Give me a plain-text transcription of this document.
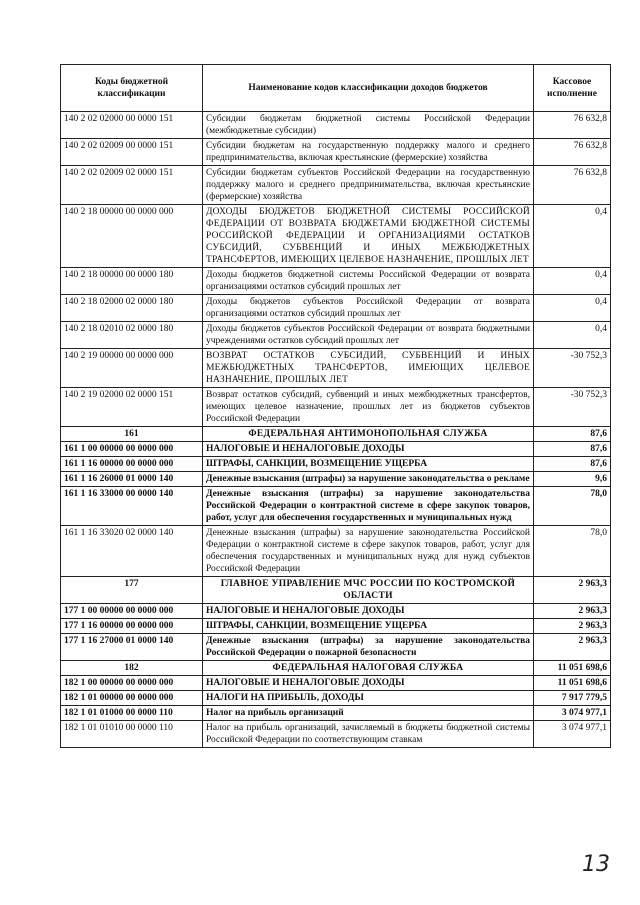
Коды бюджетной классификации	Наименование кодов классификации доходов бюджетов	Кассовое исполнение
140 2 02 02000 00 0000 151	Субсидии бюджетам бюджетной системы Российской Федерации (межбюджетные субсидии)	76 632,8
140 2 02 02009 00 0000 151	Субсидии бюджетам на государственную поддержку малого и среднего предпринимательства, включая крестьянские (фермерские) хозяйства	76 632,8
140 2 02 02009 02 0000 151	Субсидии бюджетам субъектов Российской Федерации на государственную поддержку малого и среднего предпринимательства, включая крестьянские (фермерские) хозяйства	76 632,8
140 2 18 00000 00 0000 000	ДОХОДЫ БЮДЖЕТОВ БЮДЖЕТНОЙ СИСТЕМЫ РОССИЙСКОЙ ФЕДЕРАЦИИ ОТ ВОЗВРАТА БЮДЖЕТАМИ БЮДЖЕТНОЙ СИСТЕМЫ РОССИЙСКОЙ ФЕДЕРАЦИИ И ОРГАНИЗАЦИЯМИ ОСТАТКОВ СУБСИДИЙ, СУБВЕНЦИЙ И ИНЫХ МЕЖБЮДЖЕТНЫХ ТРАНСФЕРТОВ, ИМЕЮЩИХ ЦЕЛЕВОЕ НАЗНАЧЕНИЕ, ПРОШЛЫХ ЛЕТ	0,4
140 2 18 00000 00 0000 180	Доходы бюджетов бюджетной системы Российской Федерации от возврата организациями остатков субсидий прошлых лет	0,4
140 2 18 02000 02 0000 180	Доходы бюджетов субъектов Российской Федерации от возврата организациями остатков субсидий прошлых лет	0,4
140 2 18 02010 02 0000 180	Доходы бюджетов субъектов Российской Федерации от возврата бюджетными учреждениями остатков субсидий прошлых лет	0,4
140 2 19 00000 00 0000 000	ВОЗВРАТ ОСТАТКОВ СУБСИДИЙ, СУБВЕНЦИЙ И ИНЫХ МЕЖБЮДЖЕТНЫХ ТРАНСФЕРТОВ, ИМЕЮЩИХ ЦЕЛЕВОЕ НАЗНАЧЕНИЕ, ПРОШЛЫХ ЛЕТ	-30 752,3
140 2 19 02000 02 0000 151	Возврат остатков субсидий, субвенций и иных межбюджетных трансфертов, имеющих целевое назначение, прошлых лет из бюджетов субъектов Российской Федерации	-30 752,3
161	ФЕДЕРАЛЬНАЯ АНТИМОНОПОЛЬНАЯ СЛУЖБА	87,6
161 1 00 00000 00 0000 000	НАЛОГОВЫЕ И НЕНАЛОГОВЫЕ ДОХОДЫ	87,6
161 1 16 00000 00 0000 000	ШТРАФЫ, САНКЦИИ, ВОЗМЕЩЕНИЕ УЩЕРБА	87,6
161 1 16 26000 01 0000 140	Денежные взыскания (штрафы) за нарушение законодательства о рекламе	9,6
161 1 16 33000 00 0000 140	Денежные взыскания (штрафы) за нарушение законодательства Российской Федерации о контрактной системе в сфере закупок товаров, работ, услуг для обеспечения государственных и муниципальных нужд	78,0
161 1 16 33020 02 0000 140	Денежные взыскания (штрафы) за нарушение законодательства Российской Федерации о контрактной системе в сфере закупок товаров, работ, услуг для обеспечения государственных и муниципальных нужд для нужд субъектов Российской Федерации	78,0
177	ГЛАВНОЕ УПРАВЛЕНИЕ МЧС РОССИИ ПО КОСТРОМСКОЙ ОБЛАСТИ	2 963,3
177 1 00 00000 00 0000 000	НАЛОГОВЫЕ И НЕНАЛОГОВЫЕ ДОХОДЫ	2 963,3
177 1 16 00000 00 0000 000	ШТРАФЫ, САНКЦИИ, ВОЗМЕЩЕНИЕ УЩЕРБА	2 963,3
177 1 16 27000 01 0000 140	Денежные взыскания (штрафы) за нарушение законодательства Российской Федерации о пожарной безопасности	2 963,3
182	ФЕДЕРАЛЬНАЯ НАЛОГОВАЯ СЛУЖБА	11 051 698,6
182 1 00 00000 00 0000 000	НАЛОГОВЫЕ И НЕНАЛОГОВЫЕ ДОХОДЫ	11 051 698,6
182 1 01 00000 00 0000 000	НАЛОГИ НА ПРИБЫЛЬ, ДОХОДЫ	7 917 779,5
182 1 01 01000 00 0000 110	Налог на прибыль организаций	3 074 977,1
182 1 01 01010 00 0000 110	Налог на прибыль организаций, зачисляемый в бюджеты бюджетной системы Российской Федерации по соответствующим ставкам	3 074 977,1
13
